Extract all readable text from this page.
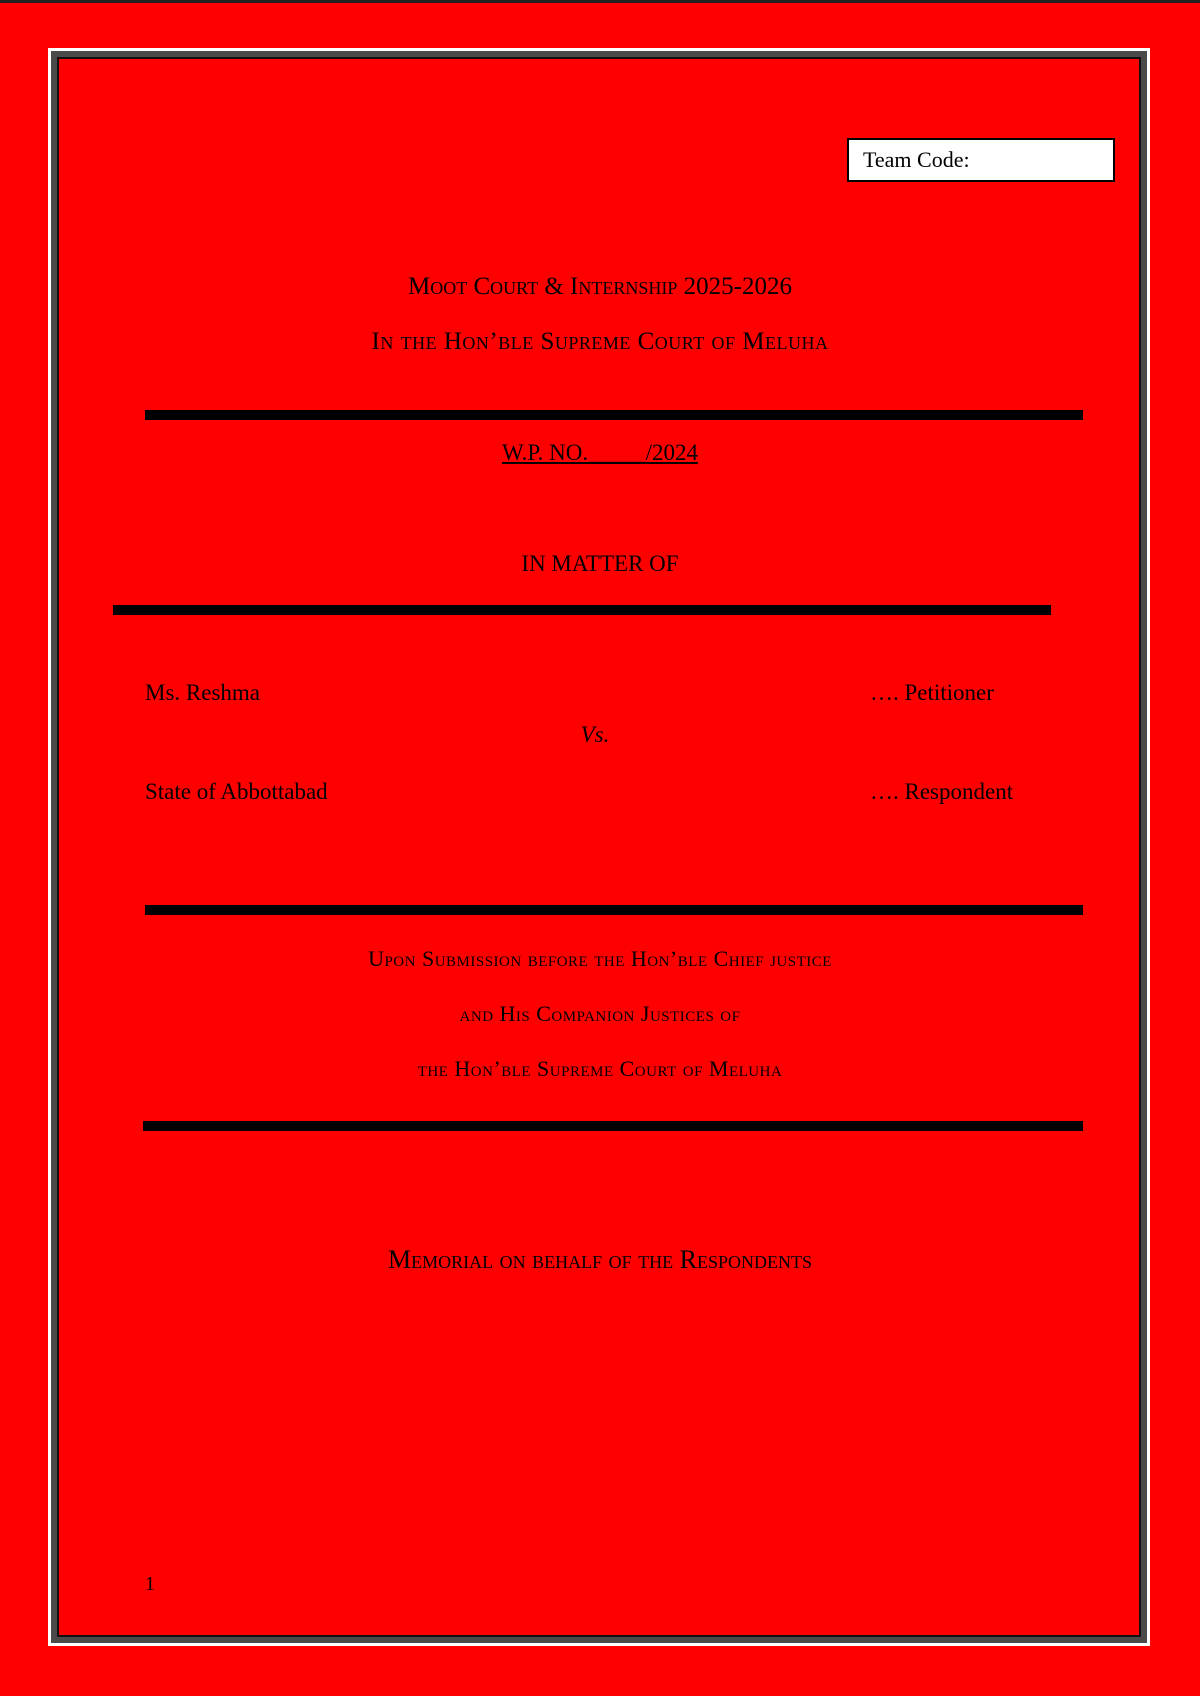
Team Code:
Moot Court & Internship 2025-2026
In the Hon’ble Supreme Court of Meluha
W.P. NO._____/2024
IN MATTER OF
Ms. Reshma	…. Petitioner
Vs.
State of Abbottabad	…. Respondent
Upon Submission before the Hon’ble Chief justice
and His Companion Justices of
the Hon’ble Supreme Court of Meluha
Memorial on behalf of the Respondents
1
